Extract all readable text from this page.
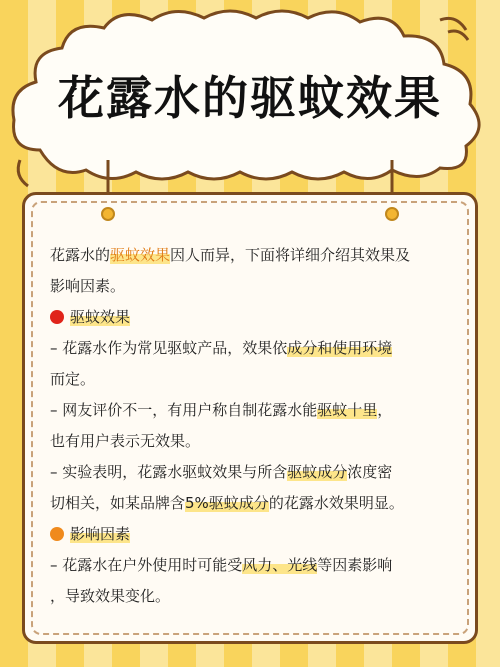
花露水的驱蚊效果
花露水的驱蚊效果因人而异，下面将详细介绍其效果及
影响因素。
驱蚊效果
– 花露水作为常见驱蚊产品，效果依成分和使用环境
而定。
– 网友评价不一，有用户称自制花露水能驱蚊十里，
也有用户表示无效果。
– 实验表明，花露水驱蚊效果与所含驱蚊成分浓度密
切相关，如某品牌含5%驱蚊成分的花露水效果明显。
影响因素
– 花露水在户外使用时可能受风力、光线等因素影响
，导致效果变化。
